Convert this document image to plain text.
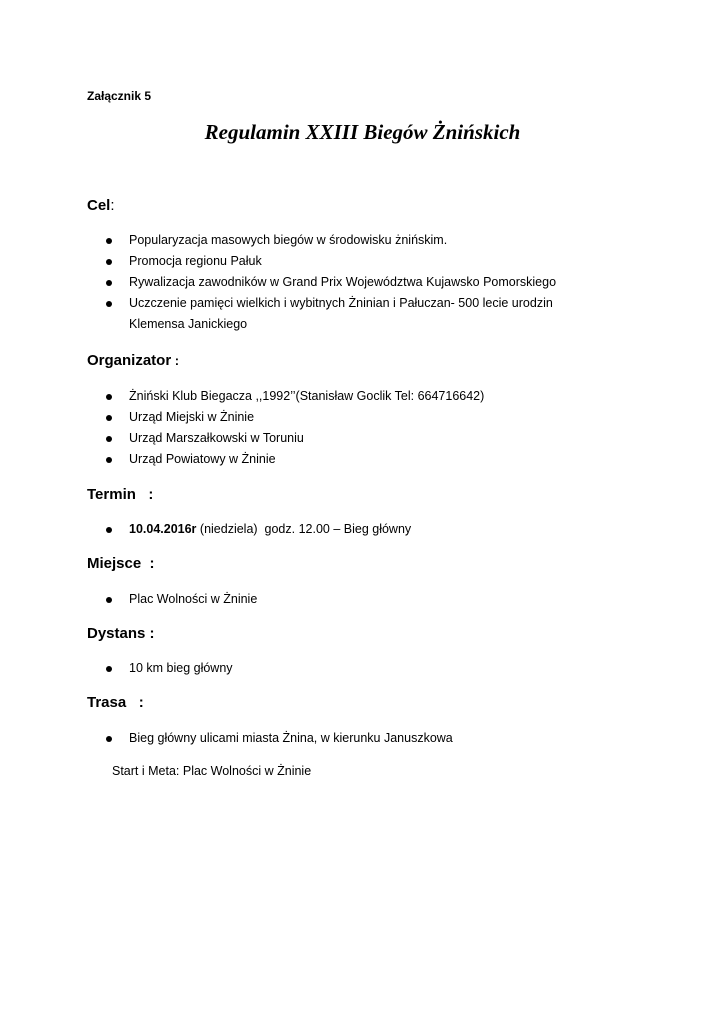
Załącznik 5
Regulamin XXIII Biegów Żnińskich
Cel:
Popularyzacja masowych biegów w środowisku żnińskim.
Promocja regionu Pałuk
Rywalizacja zawodników w Grand Prix Województwa Kujawsko Pomorskiego
Uczczenie pamięci wielkich i wybitnych Żninian i Pałuczan- 500 lecie urodzin
Klemensa Janickiego
Organizator :
Żniński Klub Biegacza ,,1992’’(Stanisław Goclik Tel: 664716642)
Urząd Miejski w Żninie
Urząd Marszałkowski w Toruniu
Urząd Powiatowy w Żninie
Termin   :
10.04.2016r (niedziela)  godz. 12.00 – Bieg główny
Miejsce  :
Plac Wolności w Żninie
Dystans :
10 km bieg główny
Trasa   :
Bieg główny ulicami miasta Żnina, w kierunku Januszkowa
Start i Meta: Plac Wolności w Żninie
